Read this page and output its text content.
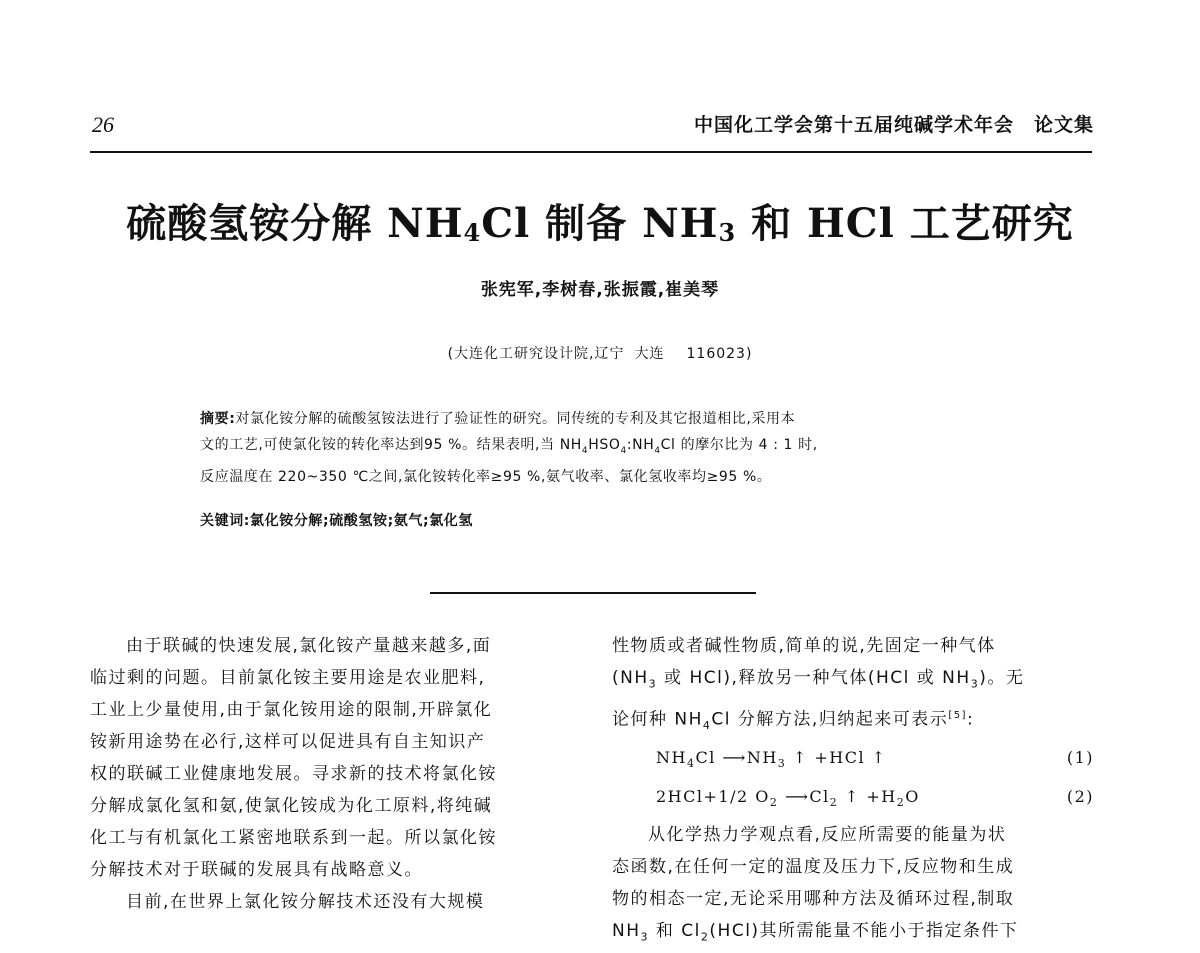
26	中国化工学会第十五届纯碱学术年会 论文集
硫酸氢铵分解 $NH_4Cl$ 制备 $NH_3$ 和 HCl 工艺研究
张宪军,李树春,张振霞,崔美琴
(大连化工研究设计院,辽宁 大连 116023)
摘要:对氯化铵分解的硫酸氢铵法进行了验证性的研究。同传统的专利及其它报道相比,采用本
文的工艺,可使氯化铵的转化率达到95 %。结果表明,当 $NH_4HSO_4:NH_4Cl$ 的摩尔比为 4 : 1 时,
反应温度在 220~350 ℃之间,氯化铵转化率≥95 %,氨气收率、氯化氢收率均≥95 %。
关键词:氯化铵分解;硫酸氢铵;氨气;氯化氢

由于联碱的快速发展,氯化铵产量越来越多,面
临过剩的问题。目前氯化铵主要用途是农业肥料,
工业上少量使用,由于氯化铵用途的限制,开辟氯化
铵新用途势在必行,这样可以促进具有自主知识产
权的联碱工业健康地发展。寻求新的技术将氯化铵
分解成氯化氢和氨,使氯化铵成为化工原料,将纯碱
化工与有机氯化工紧密地联系到一起。所以氯化铵
分解技术对于联碱的发展具有战略意义。

目前,在世界上氯化铵分解技术还没有大规模
性物质或者碱性物质,简单的说,先固定一种气体
($NH_3$ 或 HCl),释放另一种气体(HCl 或 $NH_3$)。无
论何种 $NH_4Cl$ 分解方法,归纳起来可表示[5]:
$NH_4Cl$ $⟶NH_3$ ↑ +HCl ↑	(1)
2HCl+1/2 $O_2$ $⟶Cl_2$ ↑ $+H_2O$	(2)
从化学热力学观点看,反应所需要的能量为状
态函数,在任何一定的温度及压力下,反应物和生成
物的相态一定,无论采用哪种方法及循环过程,制取
$NH_3$ 和 $Cl_2(HCl)$其所需能量不能小于指定条件下
